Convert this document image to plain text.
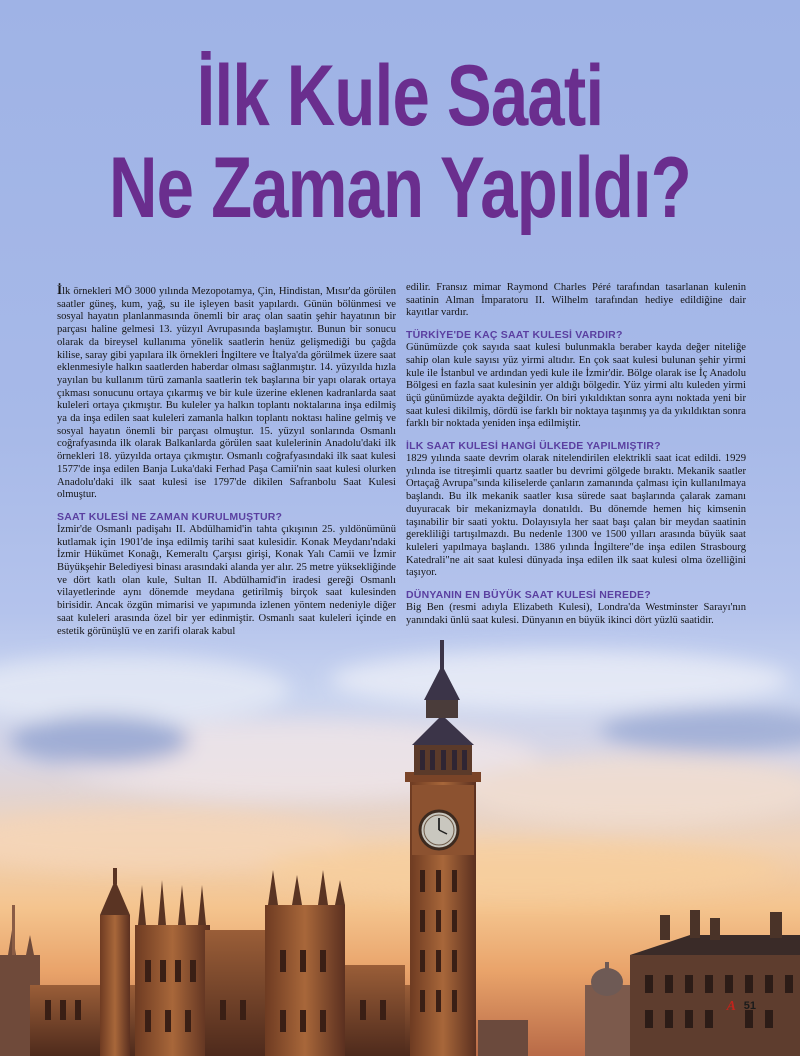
İlk Kule Saati
Ne Zaman Yapıldı?

İlk örnekleri MÖ 3000 yılında Mezopotamya, Çin, Hindistan, Mısır'da görülen saatler güneş, kum, yağ, su ile işleyen basit yapılardı. Günün bölünmesi ve sosyal hayatın planlanmasında önemli bir araç olan saatin şehir hayatının bir parçası haline gelmesi 13. yüzyıl Avrupasında başlamıştır. Bunun bir sonucu olarak da bireysel kullanıma yönelik saatlerin henüz gelişmediği bu çağda kilise, saray gibi yapılara ilk örnekleri İngiltere ve İtalya'da görülmek üzere saat eklenmesiyle halkın saatlerden haberdar olması sağlanmıştır. 14. yüzyılda hızla yayılan bu kullanım türü zamanla saatlerin tek başlarına bir yapı olarak ortaya çıkması sonucunu ortaya çıkarmış ve bir kule üzerine eklenen kadranlarda saat kuleleri ortaya çıkmıştır. Bu kuleler ya halkın toplantı noktalarına inşa edilmiş ya da inşa edilen saat kuleleri zamanla halkın toplantı noktası haline gelmiş ve sosyal hayatın önemli bir parçası olmuştur. 15. yüzyıl sonlarında Osmanlı coğrafyasında ilk olarak Balkanlarda görülen saat kulelerinin Anadolu'daki ilk örnekleri 18. yüzyılda ortaya çıkmıştır. Osmanlı coğrafyasındaki ilk saat kulesi 1577'de inşa edilen Banja Luka'daki Ferhad Paşa Camii'nin saat kulesi olurken Anadolu'daki ilk saat kulesi ise 1797'de dikilen Safranbolu Saat Kulesi olmuştur.

SAAT KULESİ NE ZAMAN KURULMUŞTUR?

İzmir'de Osmanlı padişahı II. Abdülhamid'in tahta çıkışının 25. yıldönümünü kutlamak için 1901'de inşa edilmiş tarihi saat kulesidir. Konak Meydanı'ndaki İzmir Hükümet Konağı, Kemeraltı Çarşısı girişi, Konak Yalı Camii ve İzmir Büyükşehir Belediyesi binası arasındaki alanda yer alır. 25 metre yüksekliğinde ve dört katlı olan kule, Sultan II. Abdülhamid'in iradesi gereği Osmanlı vilayetlerinde aynı dönemde meydana getirilmiş birçok saat kulesinden birisidir. Ancak özgün mimarisi ve yapımında izlenen yöntem nedeniyle diğer saat kuleleri arasında özel bir yer edinmiştir. Osmanlı saat kuleleri içinde en estetik görünüşlü ve en zarifi olarak kabul

edilir. Fransız mimar Raymond Charles Péré tarafından tasarlanan kulenin saatinin Alman İmparatoru II. Wilhelm tarafından hediye edildiğine dair kayıtlar vardır.

TÜRKİYE'DE KAÇ SAAT KULESİ VARDIR?

Günümüzde çok sayıda saat kulesi bulunmakla beraber kayda değer niteliğe sahip olan kule sayısı yüz yirmi altıdır. En çok saat kulesi bulunan şehir yirmi kule ile İstanbul ve ardından yedi kule ile İzmir'dir. Bölge olarak ise İç Anadolu Bölgesi en fazla saat kulesinin yer aldığı bölgedir. Yüz yirmi altı kuleden yirmi üçü günümüzde ayakta değildir. On biri yıkıldıktan sonra aynı noktada yeni bir saat kulesi dikilmiş, dördü ise farklı bir noktaya taşınmış ya da yıkıldıktan sonra farklı bir noktada yeniden inşa edilmiştir.

İLK SAAT KULESİ HANGİ ÜLKEDE YAPILMIŞTIR?

1829 yılında saate devrim olarak nitelendirilen elektrikli saat icat edildi. 1929 yılında ise titreşimli quartz saatler bu devrimi gölgede bıraktı. Mekanik saatler Ortaçağ Avrupa"sında kiliselerde çanların zamanında çalması için kullanılmaya başlandı. Bu ilk mekanik saatler kısa sürede saat başlarında çalarak zamanı duyuracak bir mekanizmayla donatıldı. Bu dönemde hemen hiç kimsenin taşınabilir bir saati yoktu. Dolayısıyla her saat başı çalan bir meydan saatinin gerekliliği tartışılmazdı. Bu nedenle 1300 ve 1500 yılları arasında büyük saat kuleleri yapılmaya başlandı. 1386 yılında İngiltere"de inşa edilen Strasbourg Katedrali"ne ait saat kulesi dünyada inşa edilen ilk saat kulesi olma özelliğini taşıyor.

DÜNYANIN EN BÜYÜK SAAT KULESİ NEREDE?

Big Ben (resmi adıyla Elizabeth Kulesi), Londra'da Westminster Sarayı'nın yanındaki ünlü saat kulesi. Dünyanın en büyük ikinci dört yüzlü saatidir.

A 51
